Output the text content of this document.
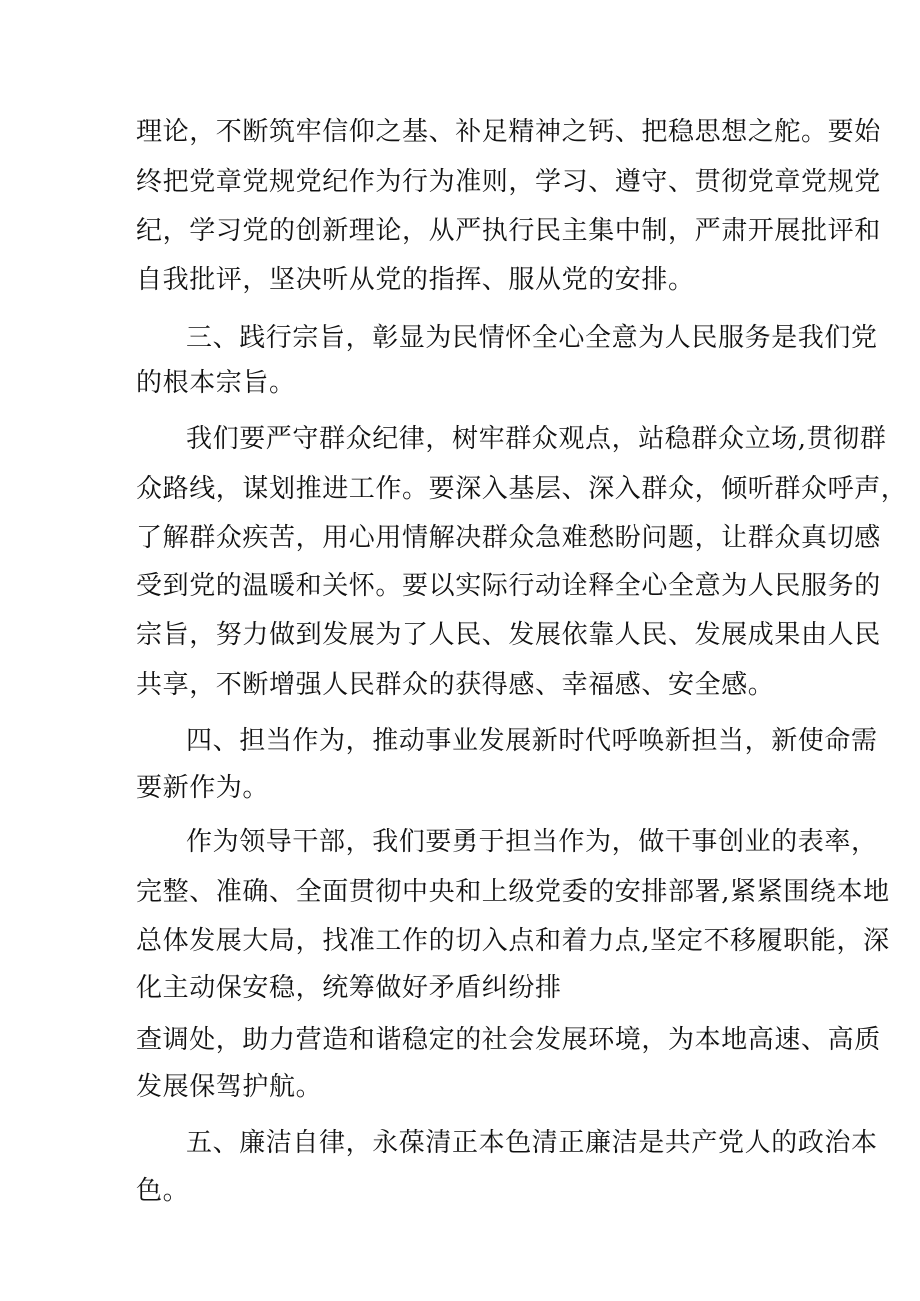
理论，不断筑牢信仰之基、补足精神之钙、把稳思想之舵。要始
终把党章党规党纪作为行为准则，学习、遵守、贯彻党章党规党
纪，学习党的创新理论，从严执行民主集中制，严肃开展批评和
自我批评，坚决听从党的指挥、服从党的安排。
三、践行宗旨，彰显为民情怀全心全意为人民服务是我们党
的根本宗旨。
我们要严守群众纪律，树牢群众观点，站稳群众立场,贯彻群
众路线，谋划推进工作。要深入基层、深入群众，倾听群众呼声，
了解群众疾苦，用心用情解决群众急难愁盼问题，让群众真切感
受到党的温暖和关怀。要以实际行动诠释全心全意为人民服务的
宗旨，努力做到发展为了人民、发展依靠人民、发展成果由人民
共享，不断增强人民群众的获得感、幸福感、安全感。
四、担当作为，推动事业发展新时代呼唤新担当，新使命需
要新作为。
作为领导干部，我们要勇于担当作为，做干事创业的表率，
完整、准确、全面贯彻中央和上级党委的安排部署,紧紧围绕本地
总体发展大局，找准工作的切入点和着力点,坚定不移履职能，深
化主动保安稳，统筹做好矛盾纠纷排
查调处，助力营造和谐稳定的社会发展环境，为本地高速、高质
发展保驾护航。
五、廉洁自律，永葆清正本色清正廉洁是共产党人的政治本
色。
